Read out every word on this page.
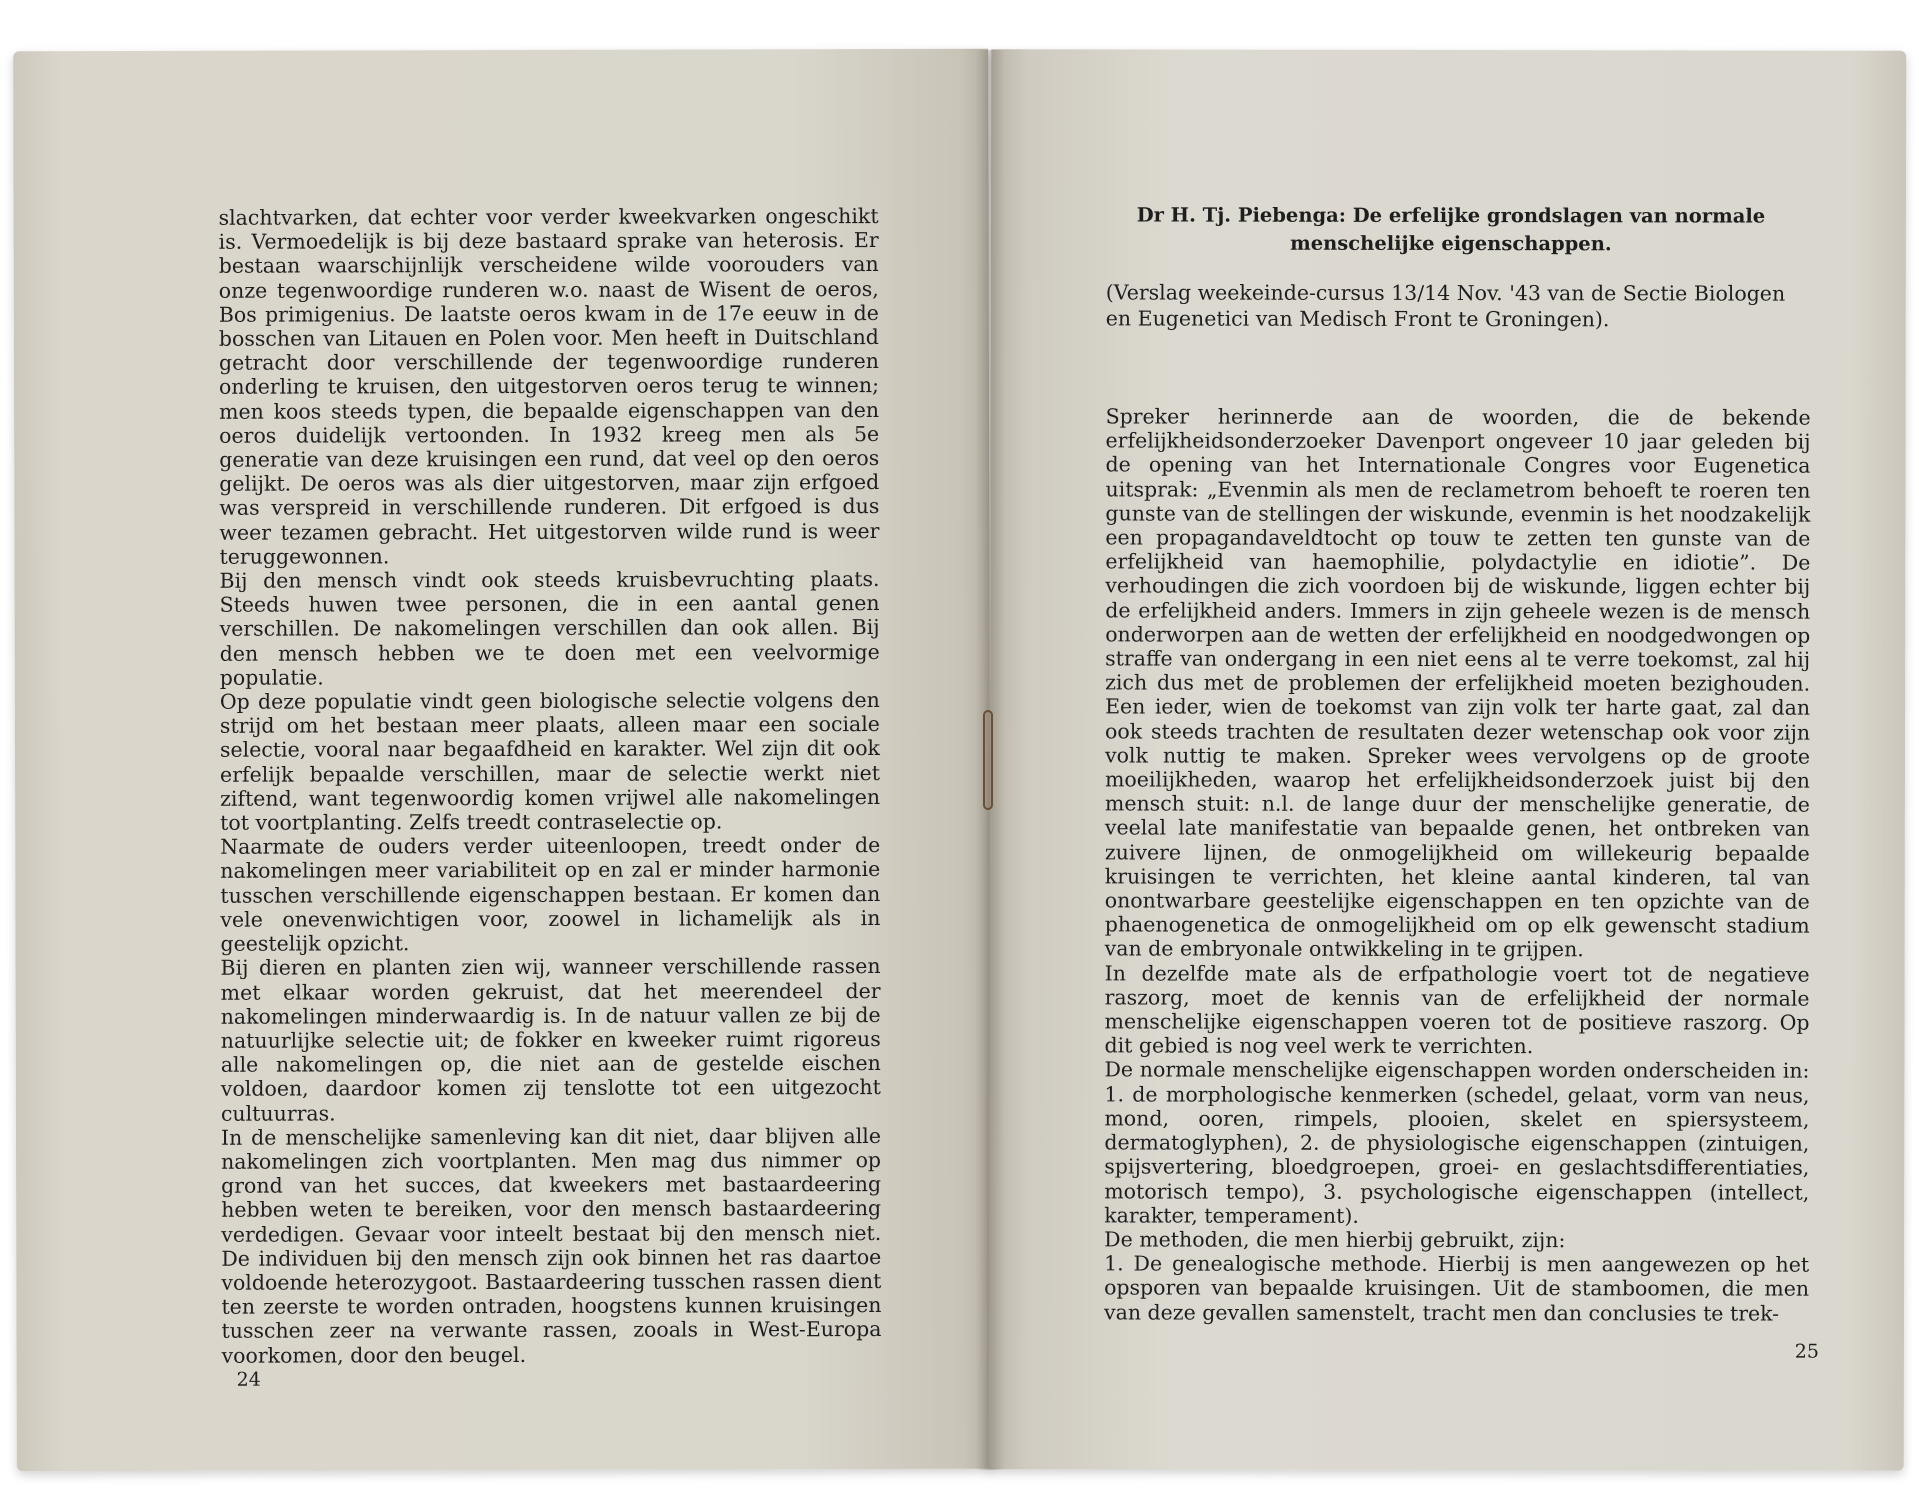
slachtvarken, dat echter voor verder kweekvarken ongeschikt is. Vermoedelijk is bij deze bastaard sprake van heterosis. Er bestaan waarschijnlijk verscheidene wilde voorouders van onze tegenwoordige runderen w.o. naast de Wisent de oeros, Bos primigenius. De laatste oeros kwam in de 17e eeuw in de bosschen van Litauen en Polen voor. Men heeft in Duitschland getracht door verschillende der tegenwoordige runderen onderling te kruisen, den uitgestorven oeros terug te winnen; men koos steeds typen, die bepaalde eigenschappen van den oeros duidelijk vertoonden. In 1932 kreeg men als 5e generatie van deze kruisingen een rund, dat veel op den oeros gelijkt. De oeros was als dier uitgestorven, maar zijn erfgoed was verspreid in verschillende runderen. Dit erfgoed is dus weer tezamen gebracht. Het uitgestorven wilde rund is weer teruggewonnen.

Bij den mensch vindt ook steeds kruisbevruchting plaats. Steeds huwen twee personen, die in een aantal genen verschillen. De nakomelingen verschillen dan ook allen. Bij den mensch hebben we te doen met een veelvormige populatie.

Op deze populatie vindt geen biologische selectie volgens den strijd om het bestaan meer plaats, alleen maar een sociale selectie, vooral naar begaafdheid en karakter. Wel zijn dit ook erfelijk bepaalde verschillen, maar de selectie werkt niet ziftend, want tegenwoordig komen vrijwel alle nakomelingen tot voortplanting. Zelfs treedt contraselectie op.

Naarmate de ouders verder uiteenloopen, treedt onder de nakomelingen meer variabiliteit op en zal er minder harmonie tusschen verschillende eigenschappen bestaan. Er komen dan vele onevenwichtigen voor, zoowel in lichamelijk als in geestelijk opzicht.

Bij dieren en planten zien wij, wanneer verschillende rassen met elkaar worden gekruist, dat het meerendeel der nakomelingen minderwaardig is. In de natuur vallen ze bij de natuurlijke selectie uit; de fokker en kweeker ruimt rigoreus alle nakomelingen op, die niet aan de gestelde eischen voldoen, daardoor komen zij tenslotte tot een uitgezocht cultuurras.

In de menschelijke samenleving kan dit niet, daar blijven alle nakomelingen zich voortplanten. Men mag dus nimmer op grond van het succes, dat kweekers met bastaardeering hebben weten te bereiken, voor den mensch bastaardeering verdedigen. Gevaar voor inteelt bestaat bij den mensch niet. De individuen bij den mensch zijn ook binnen het ras daartoe voldoende heterozygoot. Bastaardeering tusschen rassen dient ten zeerste te worden ontraden, hoogstens kunnen kruisingen tusschen zeer na verwante rassen, zooals in West-Europa voorkomen, door den beugel.

24
Dr H. Tj. Piebenga: De erfelijke grondslagen van normale menschelijke eigenschappen.
(Verslag weekeinde-cursus 13/14 Nov. '43 van de Sectie Biologen en Eugenetici van Medisch Front te Groningen).

Spreker herinnerde aan de woorden, die de bekende erfelijkheidsonderzoeker Davenport ongeveer 10 jaar geleden bij de opening van het Internationale Congres voor Eugenetica uitsprak: „Evenmin als men de reclametrom behoeft te roeren ten gunste van de stellingen der wiskunde, evenmin is het noodzakelijk een propagandaveldtocht op touw te zetten ten gunste van de erfelijkheid van haemophilie, polydactylie en idiotie”. De verhoudingen die zich voordoen bij de wiskunde, liggen echter bij de erfelijkheid anders. Immers in zijn geheele wezen is de mensch onderworpen aan de wetten der erfelijkheid en noodgedwongen op straffe van ondergang in een niet eens al te verre toekomst, zal hij zich dus met de problemen der erfelijkheid moeten bezighouden. Een ieder, wien de toekomst van zijn volk ter harte gaat, zal dan ook steeds trachten de resultaten dezer wetenschap ook voor zijn volk nuttig te maken. Spreker wees vervolgens op de groote moeilijkheden, waarop het erfelijkheidsonderzoek juist bij den mensch stuit: n.l. de lange duur der menschelijke generatie, de veelal late manifestatie van bepaalde genen, het ontbreken van zuivere lijnen, de onmogelijkheid om willekeurig bepaalde kruisingen te verrichten, het kleine aantal kinderen, tal van onontwarbare geestelijke eigenschappen en ten opzichte van de phaenogenetica de onmogelijkheid om op elk gewenscht stadium van de embryonale ontwikkeling in te grijpen.

In dezelfde mate als de erfpathologie voert tot de negatieve raszorg, moet de kennis van de erfelijkheid der normale menschelijke eigenschappen voeren tot de positieve raszorg. Op dit gebied is nog veel werk te verrichten.

De normale menschelijke eigenschappen worden onderscheiden in: 1. de morphologische kenmerken (schedel, gelaat, vorm van neus, mond, ooren, rimpels, plooien, skelet en spiersysteem, dermatoglyphen), 2. de physiologische eigenschappen (zintuigen, spijsvertering, bloedgroepen, groei- en geslachtsdifferentiaties, motorisch tempo), 3. psychologische eigenschappen (intellect, karakter, temperament).

De methoden, die men hierbij gebruikt, zijn:

1. De genealogische methode. Hierbij is men aangewezen op het opsporen van bepaalde kruisingen. Uit de stamboomen, die men van deze gevallen samenstelt, tracht men dan conclusies te trek-

25
